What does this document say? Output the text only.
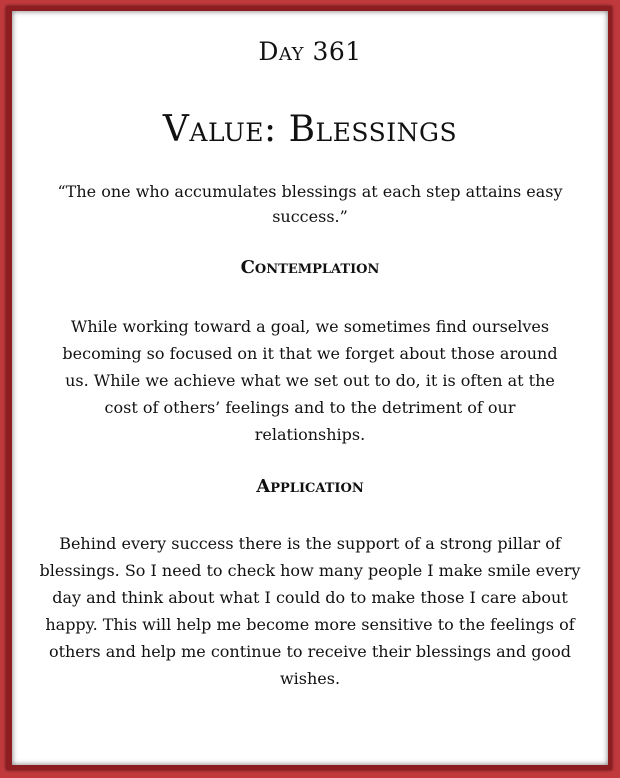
Day 361
Value: Blessings
“The one who accumulates blessings at each step attains easy success.”
Contemplation
While working toward a goal, we sometimes find ourselves becoming so focused on it that we forget about those around us. While we achieve what we set out to do, it is often at the cost of others’ feelings and to the detriment of our relationships.
Application
Behind every success there is the support of a strong pillar of blessings. So I need to check how many people I make smile every day and think about what I could do to make those I care about happy. This will help me become more sensitive to the feelings of others and help me continue to receive their blessings and good wishes.
